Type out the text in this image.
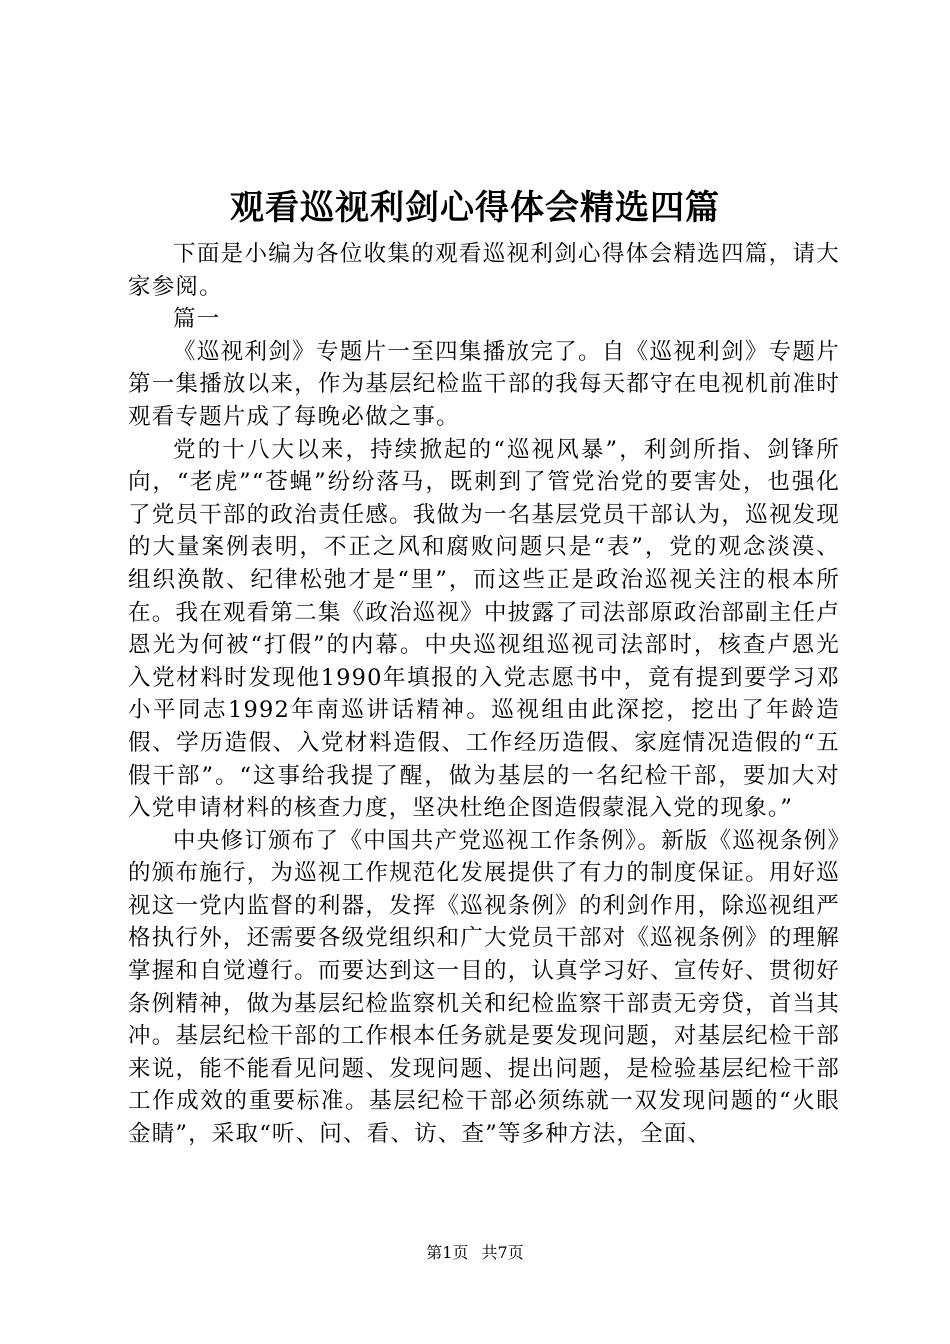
观看巡视利剑心得体会精选四篇

下面是小编为各位收集的观看巡视利剑心得体会精选四篇，请大家参阅。

篇一

《巡视利剑》专题片一至四集播放完了。自《巡视利剑》专题片第一集播放以来，作为基层纪检监干部的我每天都守在电视机前准时观看专题片成了每晚必做之事。

党的十八大以来，持续掀起的“巡视风暴”，利剑所指、剑锋所向，“老虎”“苍蝇”纷纷落马，既刺到了管党治党的要害处，也强化了党员干部的政治责任感。我做为一名基层党员干部认为，巡视发现的大量案例表明，不正之风和腐败问题只是“表”，党的观念淡漠、组织涣散、纪律松弛才是“里”，而这些正是政治巡视关注的根本所在。我在观看第二集《政治巡视》中披露了司法部原政治部副主任卢恩光为何被“打假”的内幕。中央巡视组巡视司法部时，核查卢恩光入党材料时发现他1990年填报的入党志愿书中，竟有提到要学习邓小平同志1992年南巡讲话精神。巡视组由此深挖，挖出了年龄造假、学历造假、入党材料造假、工作经历造假、家庭情况造假的“五假干部”。“这事给我提了醒，做为基层的一名纪检干部，要加大对入党申请材料的核查力度，坚决杜绝企图造假蒙混入党的现象。”

中央修订颁布了《中国共产党巡视工作条例》。新版《巡视条例》的颁布施行，为巡视工作规范化发展提供了有力的制度保证。用好巡视这一党内监督的利器，发挥《巡视条例》的利剑作用，除巡视组严格执行外，还需要各级党组织和广大党员干部对《巡视条例》的理解掌握和自觉遵行。而要达到这一目的，认真学习好、宣传好、贯彻好条例精神，做为基层纪检监察机关和纪检监察干部责无旁贷，首当其冲。基层纪检干部的工作根本任务就是要发现问题，对基层纪检干部来说，能不能看见问题、发现问题、提出问题，是检验基层纪检干部工作成效的重要标准。基层纪检干部必须练就一双发现问题的“火眼金睛”，采取“听、问、看、访、查”等多种方法，全面、

第1页 共7页
